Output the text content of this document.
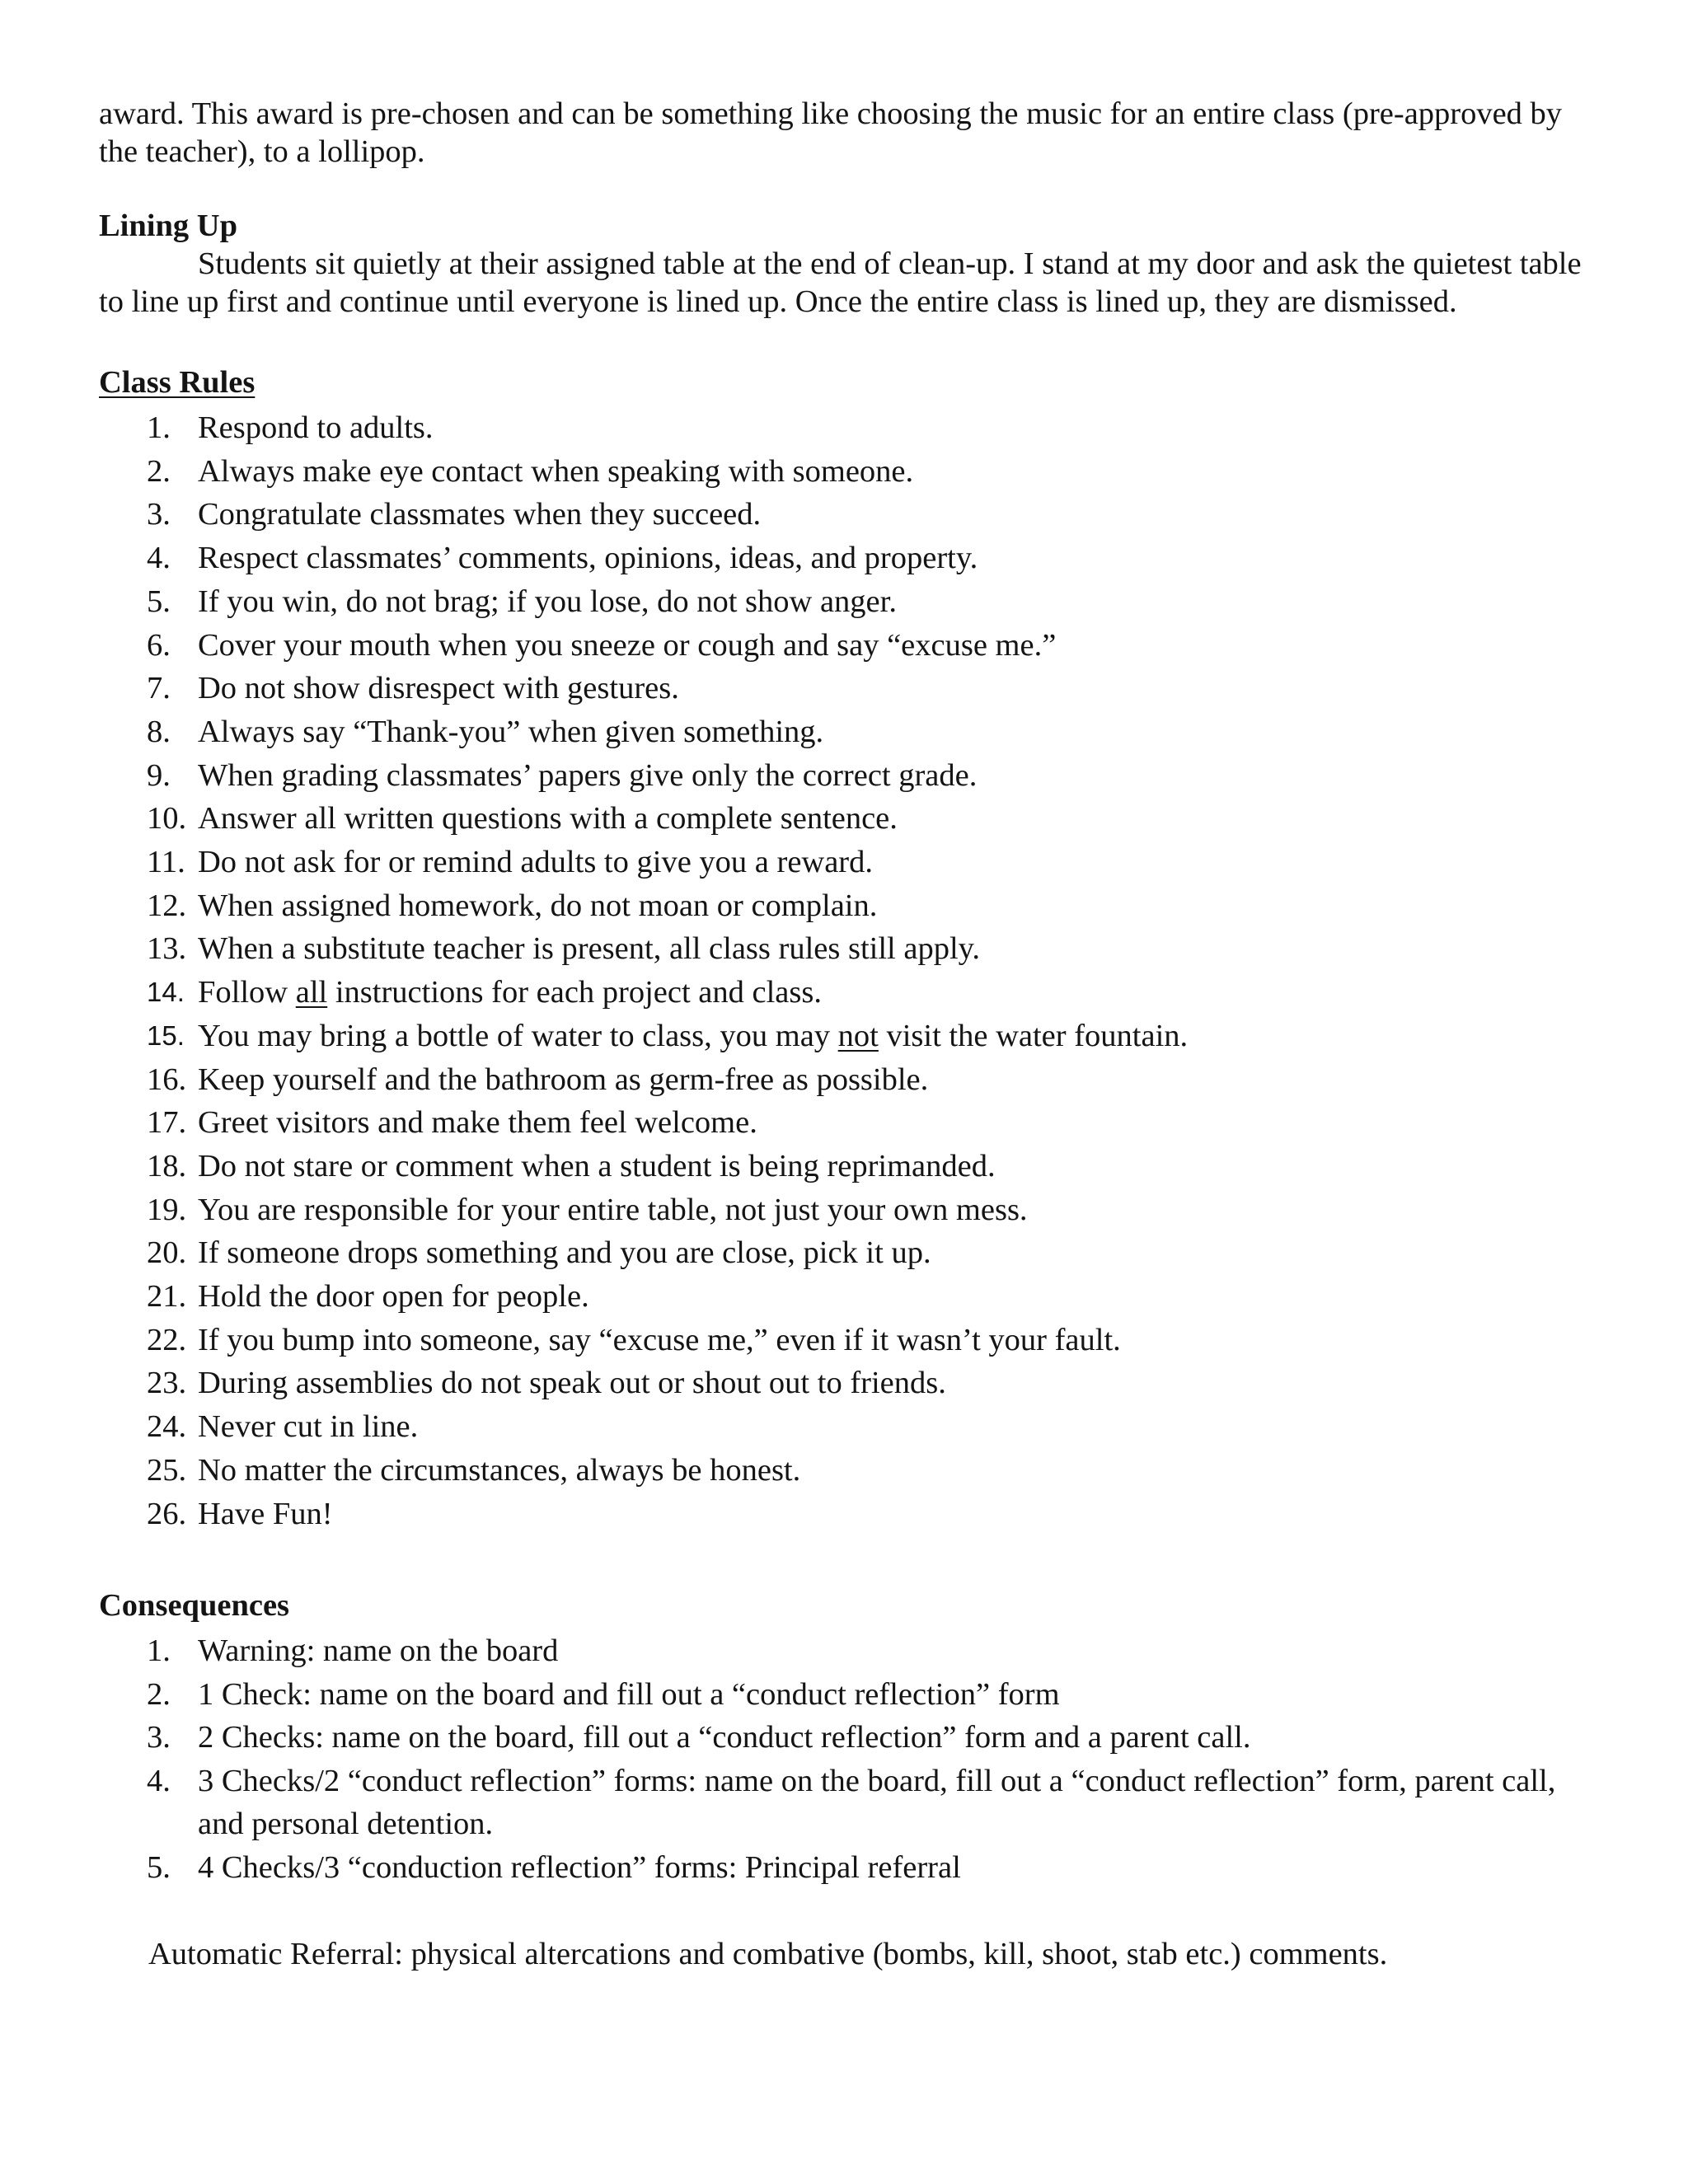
award. This award is pre-chosen and can be something like choosing the music for an entire class (pre-approved by the teacher), to a lollipop.

Lining Up

Students sit quietly at their assigned table at the end of clean-up. I stand at my door and ask the quietest table to line up first and continue until everyone is lined up. Once the entire class is lined up, they are dismissed.

Class Rules
1. Respond to adults.
2. Always make eye contact when speaking with someone.
3. Congratulate classmates when they succeed.
4. Respect classmates’ comments, opinions, ideas, and property.
5. If you win, do not brag; if you lose, do not show anger.
6. Cover your mouth when you sneeze or cough and say “excuse me.”
7. Do not show disrespect with gestures.
8. Always say “Thank-you” when given something.
9. When grading classmates’ papers give only the correct grade.
10. Answer all written questions with a complete sentence.
11. Do not ask for or remind adults to give you a reward.
12. When assigned homework, do not moan or complain.
13. When a substitute teacher is present, all class rules still apply.
14. Follow all instructions for each project and class.
15. You may bring a bottle of water to class, you may not visit the water fountain.
16. Keep yourself and the bathroom as germ-free as possible.
17. Greet visitors and make them feel welcome.
18. Do not stare or comment when a student is being reprimanded.
19. You are responsible for your entire table, not just your own mess.
20. If someone drops something and you are close, pick it up.
21. Hold the door open for people.
22. If you bump into someone, say “excuse me,” even if it wasn’t your fault.
23. During assemblies do not speak out or shout out to friends.
24. Never cut in line.
25. No matter the circumstances, always be honest.
26. Have Fun!
Consequences
1. Warning: name on the board
2. 1 Check: name on the board and fill out a “conduct reflection” form
3. 2 Checks: name on the board, fill out a “conduct reflection” form and a parent call.
4. 3 Checks/2 “conduct reflection” forms: name on the board, fill out a “conduct reflection” form, parent call, and personal detention.
5. 4 Checks/3 “conduction reflection” forms: Principal referral

Automatic Referral: physical altercations and combative (bombs, kill, shoot, stab etc.) comments.
